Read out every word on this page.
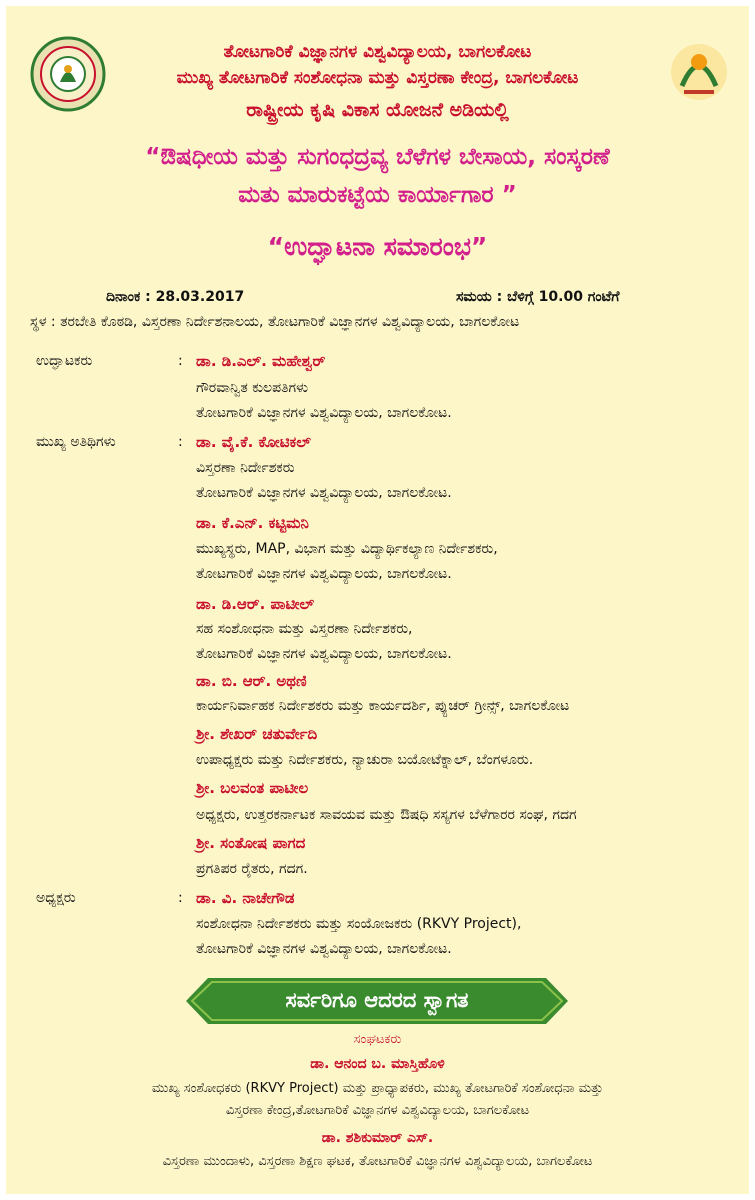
ತೋಟಗಾರಿಕೆ ವಿಜ್ಞಾನಗಳ ವಿಶ್ವವಿದ್ಯಾಲಯ, ಬಾಗಲಕೋಟ
ಮುಖ್ಯ ತೋಟಗಾರಿಕೆ ಸಂಶೋಧನಾ ಮತ್ತು ವಿಸ್ತರಣಾ ಕೇಂದ್ರ, ಬಾಗಲಕೋಟ
ರಾಷ್ಟ್ರೀಯ ಕೃಷಿ ವಿಕಾಸ ಯೋಜನೆ ಅಡಿಯಲ್ಲಿ
“ಔಷಧೀಯ ಮತ್ತು ಸುಗಂಧದ್ರವ್ಯ ಬೆಳೆಗಳ ಬೇಸಾಯ, ಸಂಸ್ಕರಣೆ
ಮತು ಮಾರುಕಟ್ಟೆಯ ಕಾರ್ಯಾಗಾರ ”
“ಉದ್ಘಾಟನಾ ಸಮಾರಂಭ”
ದಿನಾಂಕ : 28.03.2017	ಸಮಯ : ಬೆಳಿಗ್ಗೆ 10.00 ಗಂಟೆಗೆ
ಸ್ಥಳ : ತರಬೇತಿ ಕೊಠಡಿ, ವಿಸ್ತರಣಾ ನಿರ್ದೇಶನಾಲಯ, ತೋಟಗಾರಿಕೆ ವಿಜ್ಞಾನಗಳ ವಿಶ್ವವಿದ್ಯಾಲಯ, ಬಾಗಲಕೋಟ
ಉದ್ಘಾಟಕರು	: ಡಾ. ಡಿ.ಎಲ್. ಮಹೇಶ್ವರ್
ಗೌರವಾನ್ವಿತ ಕುಲಪತಿಗಳು
ತೋಟಗಾರಿಕೆ ವಿಜ್ಞಾನಗಳ ವಿಶ್ವವಿದ್ಯಾಲಯ, ಬಾಗಲಕೋಟ.
ಮುಖ್ಯ ಅತಿಥಿಗಳು	: ಡಾ. ವೈ.ಕೆ. ಕೋಟಿಕಲ್
ವಿಸ್ತರಣಾ ನಿರ್ದೇಶಕರು
ತೋಟಗಾರಿಕೆ ವಿಜ್ಞಾನಗಳ ವಿಶ್ವವಿದ್ಯಾಲಯ, ಬಾಗಲಕೋಟ.
ಡಾ. ಕೆ.ಎನ್. ಕಟ್ಟಿಮನಿ
ಮುಖ್ಯಸ್ಥರು, MAP, ವಿಭಾಗ ಮತ್ತು ವಿದ್ಯಾರ್ಥಿಕಲ್ಯಾಣ ನಿರ್ದೇಶಕರು,
ತೋಟಗಾರಿಕೆ ವಿಜ್ಞಾನಗಳ ವಿಶ್ವವಿದ್ಯಾಲಯ, ಬಾಗಲಕೋಟ.
ಡಾ. ಡಿ.ಆರ್. ಪಾಟೀಲ್
ಸಹ ಸಂಶೋಧನಾ ಮತ್ತು ವಿಸ್ತರಣಾ ನಿರ್ದೇಶಕರು,
ತೋಟಗಾರಿಕೆ ವಿಜ್ಞಾನಗಳ ವಿಶ್ವವಿದ್ಯಾಲಯ, ಬಾಗಲಕೋಟ.
ಡಾ. ಬಿ. ಆರ್. ಅಥಣಿ
ಕಾರ್ಯನಿರ್ವಾಹಕ ನಿರ್ದೇಶಕರು ಮತ್ತು ಕಾರ್ಯದರ್ಶಿ, ಪ್ಯುಚರ್ ಗ್ರೀನ್ಸ್, ಬಾಗಲಕೋಟ
ಶ್ರೀ. ಶೇಖರ್ ಚತುರ್ವೇದಿ
ಉಪಾಧ್ಯಕ್ಷರು ಮತ್ತು ನಿರ್ದೇಶಕರು, ನ್ಯಾಚುರಾ ಬಯೋಟೆಕ್ನಾಲ್, ಬೆಂಗಳೂರು.
ಶ್ರೀ. ಬಲವಂತ ಪಾಟೀಲ
ಅಧ್ಯಕ್ಷರು, ಉತ್ತರಕರ್ನಾಟಕ ಸಾವಯವ ಮತ್ತು ಔಷಧಿ ಸಸ್ಯಗಳ ಬೆಳೆಗಾರರ ಸಂಘ, ಗದಗ
ಶ್ರೀ. ಸಂತೋಷ ಪಾಗದ
ಪ್ರಗತಿಪರ ರೈತರು, ಗದಗ.
ಅಧ್ಯಕ್ಷರು	: ಡಾ. ವಿ. ನಾಚೇಗೌಡ
ಸಂಶೋಧನಾ ನಿರ್ದೇಶಕರು ಮತ್ತು ಸಂಯೋಜಕರು (RKVY Project),
ತೋಟಗಾರಿಕೆ ವಿಜ್ಞಾನಗಳ ವಿಶ್ವವಿದ್ಯಾಲಯ, ಬಾಗಲಕೋಟ.
ಸರ್ವರಿಗೂ ಆದರದ ಸ್ವಾಗತ
ಸಂಘಟಕರು
ಡಾ. ಆನಂದ ಬ. ಮಾಸ್ತಿಹೊಳಿ
ಮುಖ್ಯ ಸಂಶೋಧಕರು (RKVY Project) ಮತ್ತು ಪ್ರಾಧ್ಯಾಪಕರು, ಮುಖ್ಯ ತೋಟಗಾರಿಕೆ ಸಂಶೋಧನಾ ಮತ್ತು
ವಿಸ್ತರಣಾ ಕೇಂದ್ರ,ತೋಟಗಾರಿಕೆ ವಿಜ್ಞಾನಗಳ ವಿಶ್ವವಿದ್ಯಾಲಯ, ಬಾಗಲಕೋಟ
ಡಾ. ಶಶಿಕುಮಾರ್ ಎಸ್.
ವಿಸ್ತರಣಾ ಮುಂದಾಳು, ವಿಸ್ತರಣಾ ಶಿಕ್ಷಣ ಘಟಕ, ತೋಟಗಾರಿಕೆ ವಿಜ್ಞಾನಗಳ ವಿಶ್ವವಿದ್ಯಾಲಯ, ಬಾಗಲಕೋಟ
